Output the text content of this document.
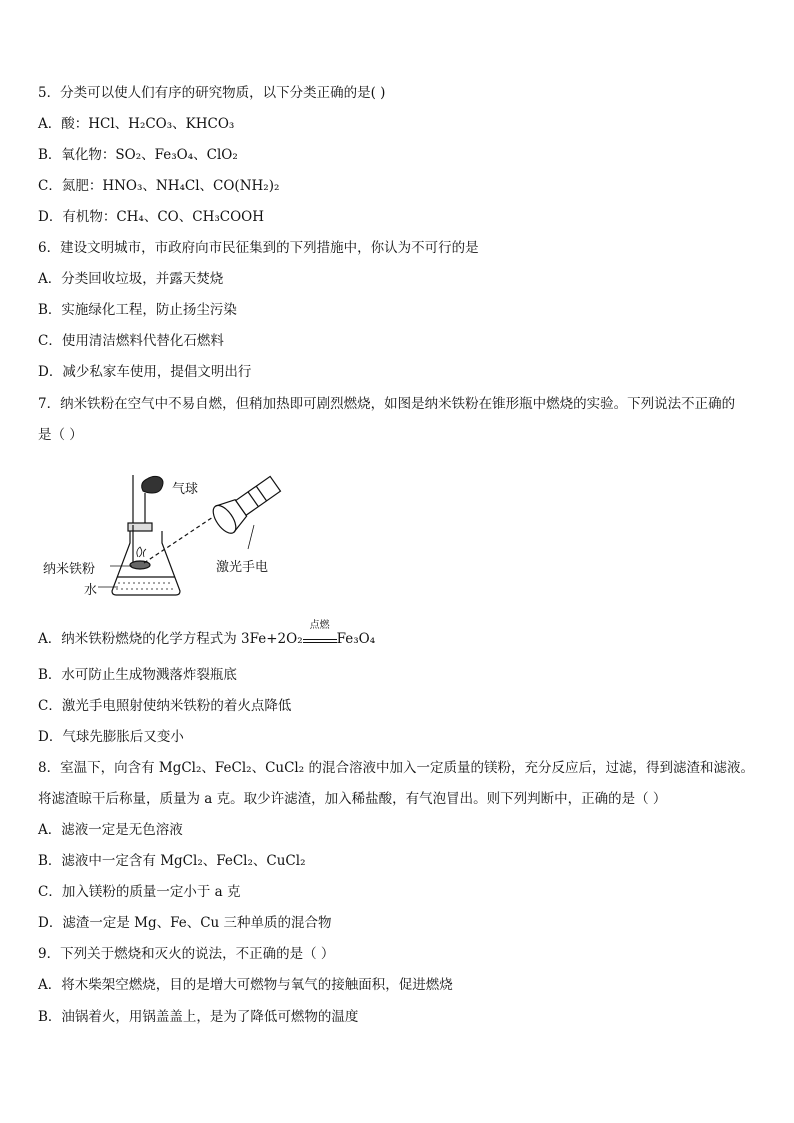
5．分类可以使人们有序的研究物质，以下分类正确的是( )
A．酸：HCl、H₂CO₃、KHCO₃
B．氧化物：SO₂、Fe₃O₄、ClO₂
C．氮肥：HNO₃、NH₄Cl、CO(NH₂)₂
D．有机物：CH₄、CO、CH₃COOH
6．建设文明城市，市政府向市民征集到的下列措施中，你认为不可行的是
A．分类回收垃圾，并露天焚烧
B．实施绿化工程，防止扬尘污染
C．使用清洁燃料代替化石燃料
D．减少私家车使用，提倡文明出行
7．纳米铁粉在空气中不易自燃，但稍加热即可剧烈燃烧，如图是纳米铁粉在锥形瓶中燃烧的实验。下列说法不正确的
是（ ）
气球
激光手电
纳米铁粉
水
A．纳米铁粉燃烧的化学方程式为 3Fe+2O₂
点燃
Fe₃O₄
B．水可防止生成物溅落炸裂瓶底
C．激光手电照射使纳米铁粉的着火点降低
D．气球先膨胀后又变小
8．室温下，向含有 MgCl₂、FeCl₂、CuCl₂ 的混合溶液中加入一定质量的镁粉，充分反应后，过滤，得到滤渣和滤液。
将滤渣晾干后称量，质量为 a 克。取少许滤渣，加入稀盐酸，有气泡冒出。则下列判断中，正确的是（ ）
A．滤液一定是无色溶液
B．滤液中一定含有 MgCl₂、FeCl₂、CuCl₂
C．加入镁粉的质量一定小于 a 克
D．滤渣一定是 Mg、Fe、Cu 三种单质的混合物
9．下列关于燃烧和灭火的说法，不正确的是（ ）
A．将木柴架空燃烧，目的是增大可燃物与氧气的接触面积，促进燃烧
B．油锅着火，用锅盖盖上，是为了降低可燃物的温度
